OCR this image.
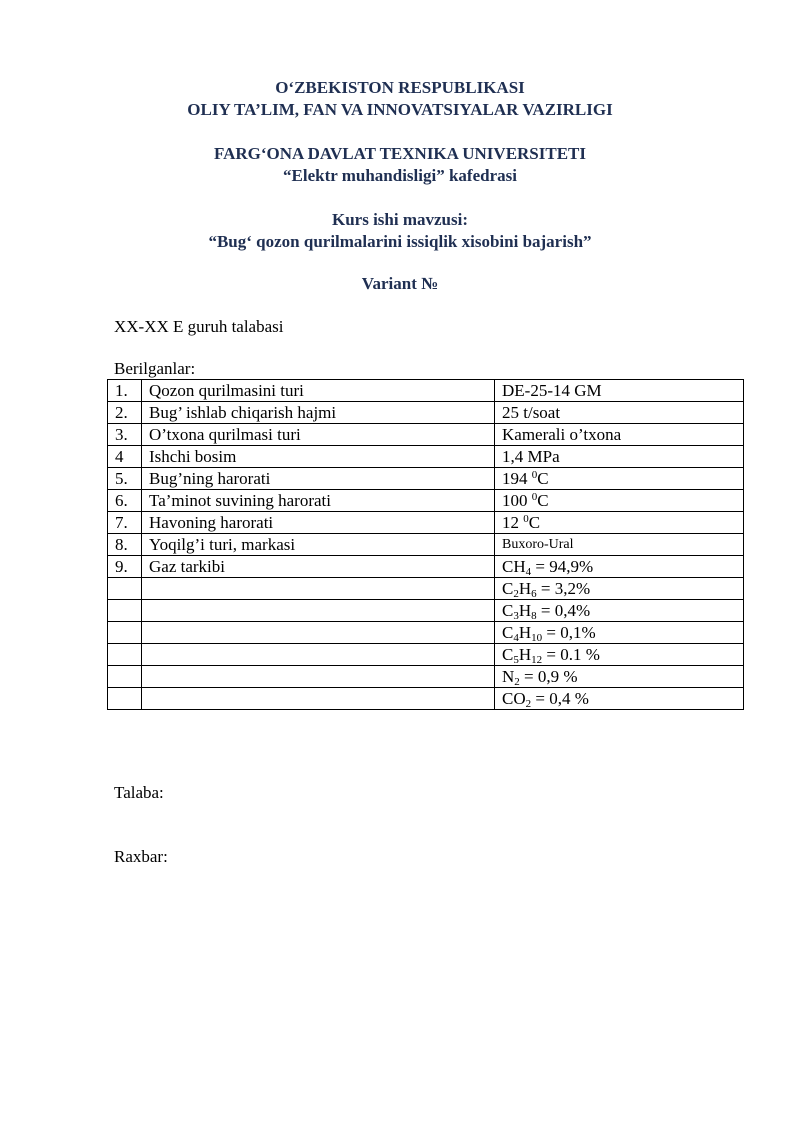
O‘ZBEKISTON RESPUBLIKASI

OLIY TA’LIM, FAN VA INNOVATSIYALAR VAZIRLIGI

FARG‘ONA DAVLAT TEXNIKA UNIVERSITETI

“Elektr muhandisligi” kafedrasi

Kurs ishi mavzusi:

“Bug‘ qozon qurilmalarini issiqlik xisobini bajarish”

Variant №

XX-XX E guruh talabasi

Berilganlar:

1.	Qozon qurilmasini turi	DE-25-14 GM
2.	Bug’ ishlab chiqarish hajmi	25 t/soat
3.	O’txona qurilmasi turi	Kamerali o’txona
4	Ishchi bosim	1,4 MPa
5.	Bug’ning harorati	194 $^0$C
6.	Ta’minot suvining harorati	100 $^0$C
7.	Havoning harorati	12 $^0$C
8.	Yoqilg’i turi, markasi	Buxoro-Ural
9.	Gaz tarkibi	$CH_4 = 94,9\%$
		$C_2H_6 = 3,2\%$
		$C_3H_8 = 0,4\%$
		$C_4H_{10} = 0,1\%$
		$C_5H_{12} = 0.1$ %
		$N_2 = 0,9$ %
		$CO_2 = 0,4$ %

Talaba:

Raxbar:
